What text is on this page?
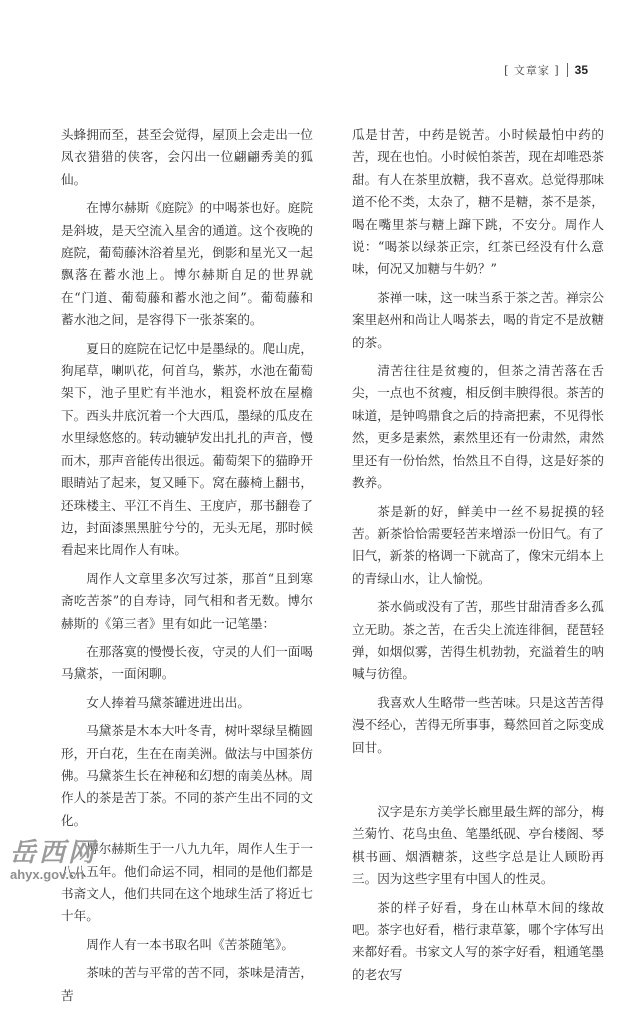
[ 文章家 ] 35

头蜂拥而至，甚至会觉得，屋顶上会走出一位凤衣猎猎的侠客，会闪出一位翩翩秀美的狐仙。

在博尔赫斯《庭院》的中喝茶也好。庭院是斜坡，是天空流入星舍的通道。这个夜晚的庭院，葡萄藤沐浴着星光，倒影和星光又一起飘落在蓄水池上。博尔赫斯自足的世界就在“门道、葡萄藤和蓄水池之间”。葡萄藤和蓄水池之间，是容得下一张茶案的。

夏日的庭院在记忆中是墨绿的。爬山虎，狗尾草，喇叭花，何首乌，紫苏，水池在葡萄架下，池子里贮有半池水，粗瓷杯放在屋檐下。西头井底沉着一个大西瓜，墨绿的瓜皮在水里绿悠悠的。转动辘轳发出扎扎的声音，慢而木，那声音能传出很远。葡萄架下的猫睁开眼睛站了起来，复又睡下。窝在藤椅上翻书，还珠楼主、平江不肖生、王度庐，那书翻卷了边，封面漆黑黑脏兮兮的，无头无尾，那时候看起来比周作人有味。

周作人文章里多次写过茶，那首“且到寒斋吃苦茶”的自寿诗，同气相和者无数。博尔赫斯的《第三者》里有如此一记笔墨：

在那落寞的慢慢长夜，守灵的人们一面喝马黛茶，一面闲聊。

女人捧着马黛茶罐进进出出。

马黛茶是木本大叶冬青，树叶翠绿呈椭圆形，开白花，生在在南美洲。做法与中国茶仿佛。马黛茶生长在神秘和幻想的南美丛林。周作人的茶是苦丁茶。不同的茶产生出不同的文化。

博尔赫斯生于一八九九年，周作人生于一八八五年。他们命运不同，相同的是他们都是书斋文人，他们共同在这个地球生活了将近七十年。

周作人有一本书取名叫《苦茶随笔》。

茶味的苦与平常的苦不同，茶味是清苦，苦

瓜是甘苦，中药是锐苦。小时候最怕中药的苦，现在也怕。小时候怕茶苦，现在却唯恐茶甜。有人在茶里放糖，我不喜欢。总觉得那味道不伦不类，太杂了，糖不是糖，茶不是茶，喝在嘴里茶与糖上蹿下跳，不安分。周作人说：“喝茶以绿茶正宗，红茶已经没有什么意味，何况又加糖与牛奶？”

茶禅一味，这一味当系于茶之苦。禅宗公案里赵州和尚让人喝茶去，喝的肯定不是放糖的茶。

清苦往往是贫瘦的，但茶之清苦落在舌尖，一点也不贫瘦，相反倒丰腴得很。茶苦的味道，是钟鸣鼎食之后的持斋把素，不见得怅然，更多是素然，素然里还有一份肃然，肃然里还有一份怡然，怡然且不自得，这是好茶的教养。

茶是新的好，鲜美中一丝不易捉摸的轻苦。新茶恰恰需要轻苦来增添一份旧气。有了旧气，新茶的格调一下就高了，像宋元绢本上的青绿山水，让人愉悦。

茶水倘或没有了苦，那些甘甜清香多么孤立无助。茶之苦，在舌尖上流连徘徊，琵琶轻弹，如烟似雾，苦得生机勃勃，充溢着生的呐喊与彷徨。

我喜欢人生略带一些苦味。只是这苦苦得漫不经心，苦得无所事事，蓦然回首之际变成回甘。

汉字是东方美学长廊里最生辉的部分，梅兰菊竹、花鸟虫鱼、笔墨纸砚、亭台楼阁、琴棋书画、烟酒糖茶，这些字总是让人顾盼再三。因为这些字里有中国人的性灵。

茶的样子好看，身在山林草木间的缘故吧。茶字也好看，楷行隶草篆，哪个字体写出来都好看。书家文人写的茶字好看，粗通笔墨的老农写

岳西网
ahyx.gov.cn
